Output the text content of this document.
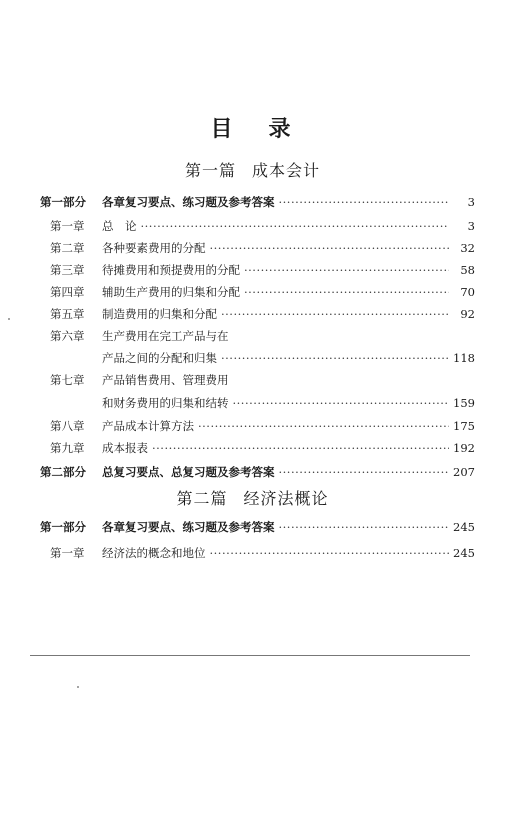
目 录
第一篇 成本会计
第一部分	各章复习要点、练习题及参考答案 ·····	3
第一章	总　论 ·····	3
第二章	各种要素费用的分配 ·····	32
第三章	待摊费用和预提费用的分配 ·····	58
第四章	辅助生产费用的归集和分配 ·····	70
第五章	制造费用的归集和分配 ·····	92
第六章	生产费用在完工产品与在
产品之间的分配和归集 ·····	118
第七章	产品销售费用、管理费用
和财务费用的归集和结转 ·····	159
第八章	产品成本计算方法 ·····	175
第九章	成本报表 ·····	192
第二部分	总复习要点、总复习题及参考答案 ·····	207
第二篇 经济法概论
第一部分	各章复习要点、练习题及参考答案 ·····	245
第一章	经济法的概念和地位 ·····	245
